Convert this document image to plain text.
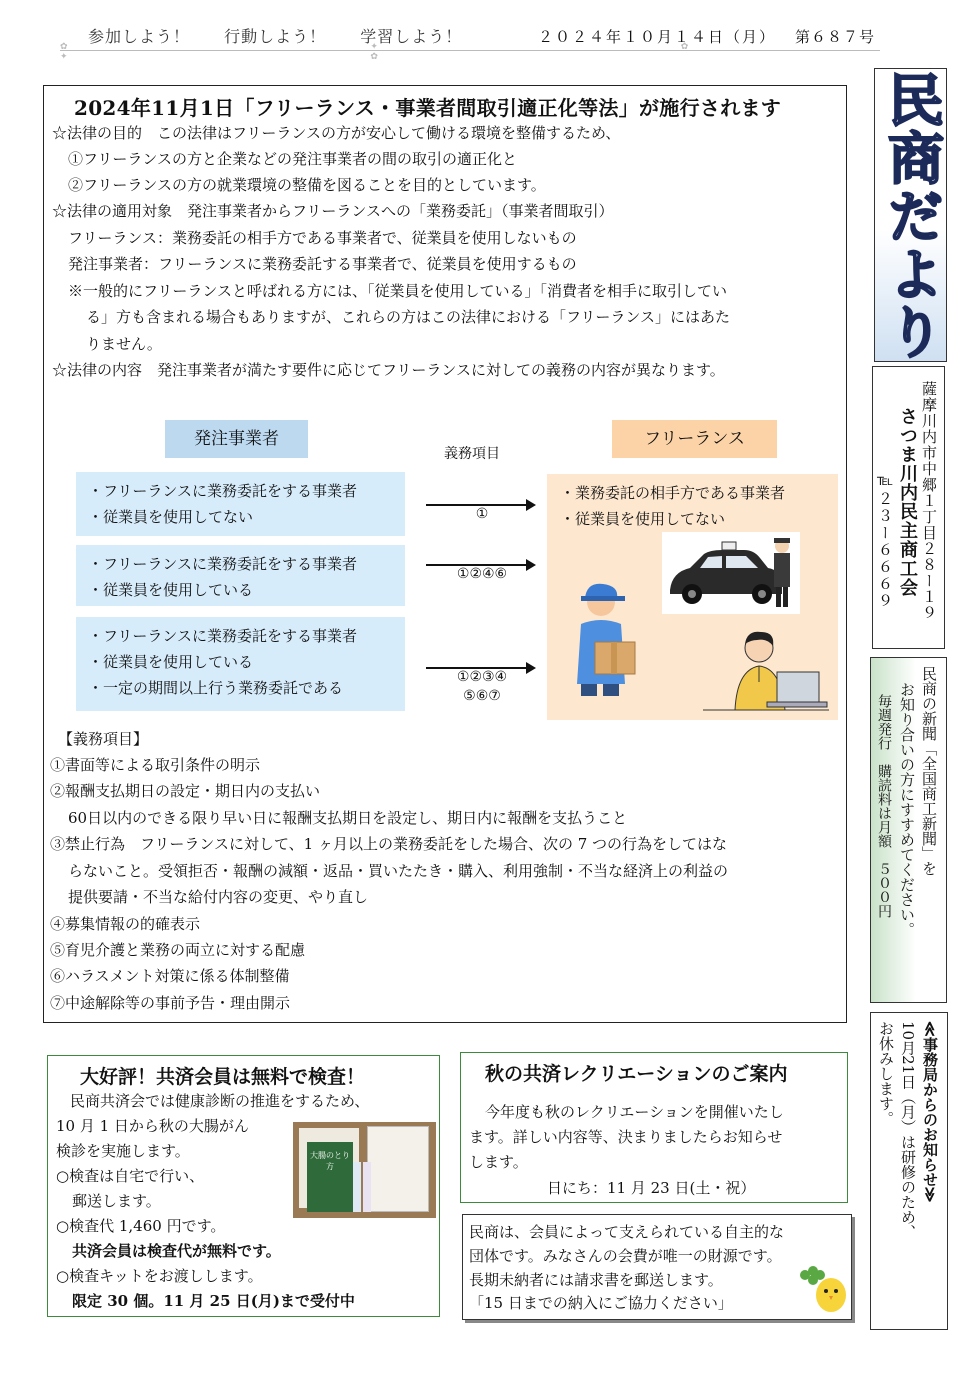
参加しよう！ 行動しよう！ 学習しよう！	２０２４年１０月１４日（月） 第６８７号
✿ ✦ ✿ ✦ ✿
2024年11月1日「フリーランス・事業者間取引適正化等法」が施行されます
☆法律の目的　この法律はフリーランスの方が安心して働ける環境を整備するため、
①フリーランスの方と企業などの発注事業者の間の取引の適正化と
②フリーランスの方の就業環境の整備を図ることを目的としています。
☆法律の適用対象　発注事業者からフリーランスへの「業務委託」（事業者間取引）
フリーランス：業務委託の相手方である事業者で、従業員を使用しないもの
発注事業者：フリーランスに業務委託する事業者で、従業員を使用するもの
※一般的にフリーランスと呼ばれる方には、「従業員を使用している」「消費者を相手に取引してい
る」方も含まれる場合もありますが、これらの方はこの法律における「フリーランス」にはあた
りません。
☆法律の内容　発注事業者が満たす要件に応じてフリーランスに対しての義務の内容が異なります。
発注事業者	フリーランス
義務項目
・フリーランスに業務委託をする事業者
・従業員を使用してない
・フリーランスに業務委託をする事業者
・従業員を使用している
・フリーランスに業務委託をする事業者
・従業員を使用している
・一定の期間以上行う業務委託である
①
①②④⑥
①②③④
⑤⑥⑦
・業務委託の相手方である事業者
・従業員を使用してない
【義務項目】
①書面等による取引条件の明示
②報酬支払期日の設定・期日内の支払い
60日以内のできる限り早い日に報酬支払期日を設定し、期日内に報酬を支払うこと
③禁止行為　フリーランスに対して、1 ヶ月以上の業務委託をした場合、次の 7 つの行為をしてはな
らないこと。受領拒否・報酬の減額・返品・買いたたき・購入、利用強制・不当な経済上の利益の
提供要請・不当な給付内容の変更、やり直し
④募集情報の的確表示
⑤育児介護と業務の両立に対する配慮
⑥ハラスメント対策に係る体制整備
⑦中途解除等の事前予告・理由開示
大好評！共済会員は無料で検査！
民商共済会では健康診断の推進をするため、
10 月 1 日から秋の大腸がん
検診を実施します。
○検査は自宅で行い、
郵送します。
○検査代 1,460 円です。
共済会員は検査代が無料です。
○検査キットをお渡しします。
限定 30 個。11 月 25 日(月)まで受付中
大腸のとり方
秋の共済レクリエーションのご案内
今年度も秋のレクリエーションを開催いたし
ます。詳しい内容等、決まりましたらお知らせ
します。
日にち：11 月 23 日(土・祝）
民商は、会員によって支えられている自主的な
団体です。みなさんの会費が唯一の財源です。
長期未納者には請求書を郵送します。
「15 日までの納入にご協力ください」
民商だより
薩摩川内市中郷１丁目２８ー１９
さつま川内民主商工会
℡２３ー６６６９
民商の新聞「全国商工新聞」を
お知り合いの方にすすめてください。
毎週発行　購読料は月額　５００円
≪事務局からのお知らせ≫
10月21日（月）は研修のため、
お休みします。
